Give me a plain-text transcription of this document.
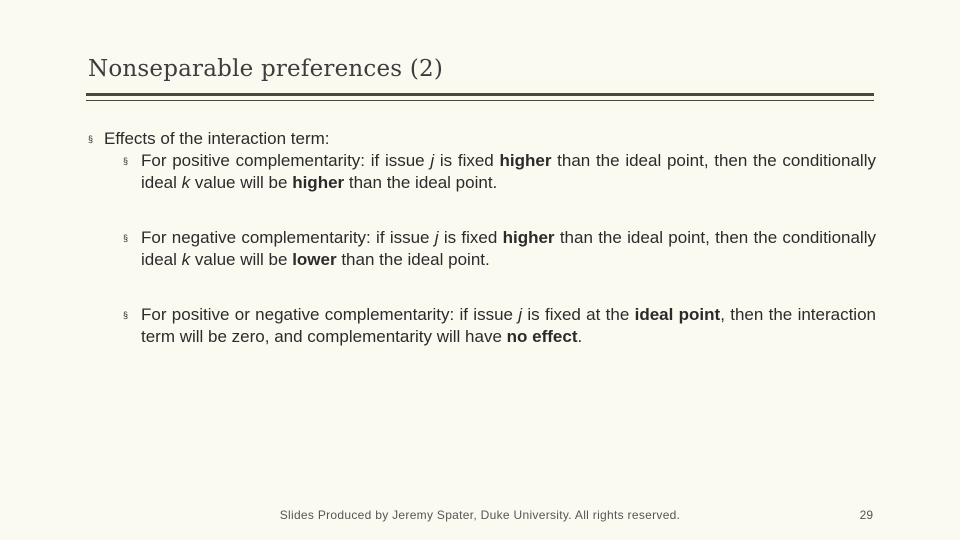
Nonseparable preferences (2)

§ Effects of the interaction term:

§ For positive complementarity: if issue j is fixed higher than the ideal point, then the conditionally ideal k value will be higher than the ideal point.

§ For negative complementarity: if issue j is fixed higher than the ideal point, then the conditionally ideal k value will be lower than the ideal point.

§ For positive or negative complementarity: if issue j is fixed at the ideal point, then the interaction term will be zero, and complementarity will have no effect.

Slides Produced by Jeremy Spater, Duke University. All rights reserved.	29
